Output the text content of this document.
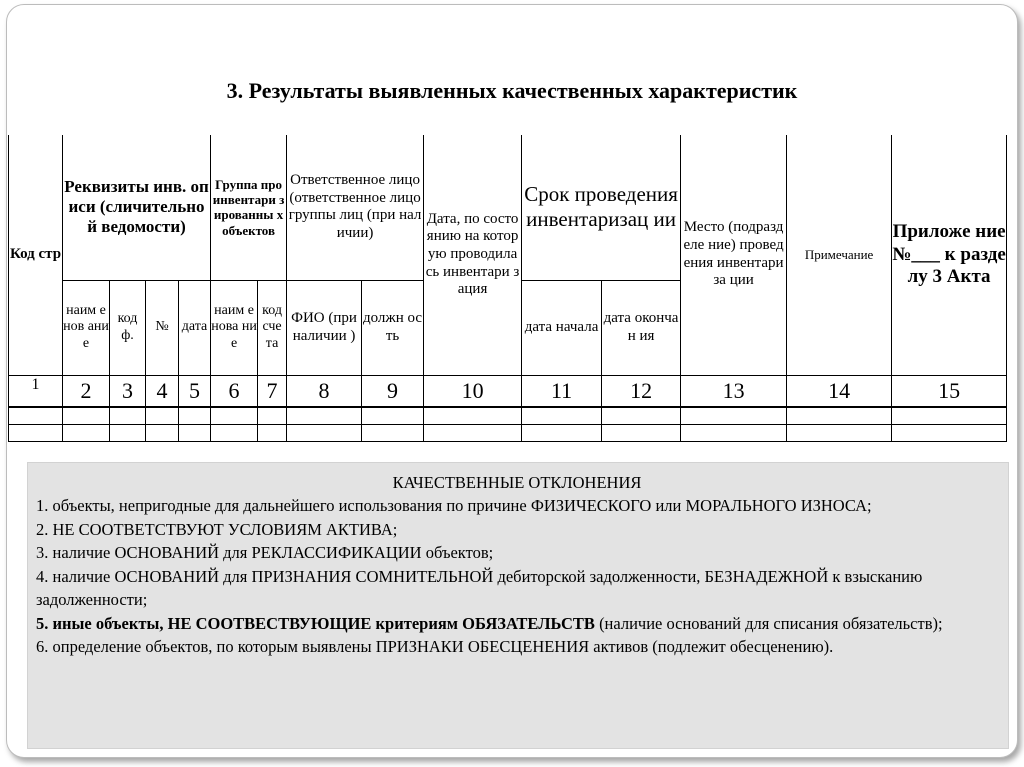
3. Результаты выявленных качественных характеристик
Код стр	Реквизиты инв. описи (сличительно й ведомости)				Группа про инвентари зированны х объектов		Ответственное лицо (ответственное лицо группы лиц (при наличии)		Дата, по состоянию на которую проводила сь инвентари зация	Срок проведения инвентаризац ии		Место (подразделе ние) проведения инвентариза ции	Примечание	Приложе ние №___ к разделу 3 Акта
	наим енов ание	код ф.	№	дата	наим енова ние	код сче та	ФИО (при наличии )	должн ость		дата начала	дата окончан ия			
1	2	3	4	5	6	7	8	9	10	11	12	13	14	15

КАЧЕСТВЕННЫЕ ОТКЛОНЕНИЯ

1. объекты, непригодные для дальнейшего использования по причине ФИЗИЧЕСКОГО или МОРАЛЬНОГО ИЗНОСА;

2. НЕ СООТВЕТСТВУЮТ УСЛОВИЯМ АКТИВА;

3. наличие ОСНОВАНИЙ для РЕКЛАССИФИКАЦИИ объектов;

4. наличие ОСНОВАНИЙ для ПРИЗНАНИЯ СОМНИТЕЛЬНОЙ дебиторской задолженности, БЕЗНАДЕЖНОЙ к взысканию задолженности;

5. иные объекты, НЕ СООТВЕСТВУЮЩИЕ критериям ОБЯЗАТЕЛЬСТВ (наличие оснований для списания обязательств);

6. определение объектов, по которым выявлены ПРИЗНАКИ ОБЕСЦЕНЕНИЯ активов (подлежит обесценению).
